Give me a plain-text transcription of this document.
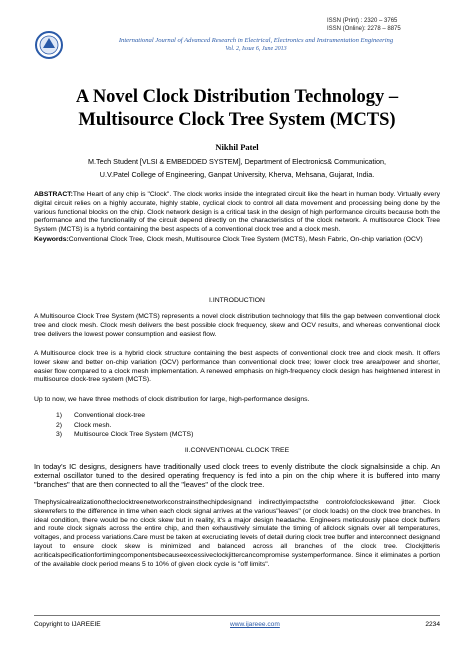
ISSN (Print) : 2320 – 3765
ISSN (Online): 2278 – 8875
International Journal of Advanced Research in Electrical, Electronics and Instrumentation Engineering
Vol. 2, Issue 6, June 2013
A Novel Clock Distribution Technology –
Multisource Clock Tree System (MCTS)
Nikhil Patel
M.Tech Student [VLSI & EMBEDDED SYSTEM], Department of Electronics& Communication,
U.V.Patel College of Engineering, Ganpat University, Kherva, Mehsana, Gujarat, India.
ABSTRACT:The Heart of any chip is "Clock". The clock works inside the integrated circuit like the heart in human body. Virtually every digital circuit relies on a highly accurate, highly stable, cyclical clock to control all data movement and processing being done by the various functional blocks on the chip. Clock network design is a critical task in the design of high performance circuits because both the performance and the functionality of the circuit depend directly on the characteristics of the clock network. A multisource Clock Tree System (MCTS) is a hybrid containing the best aspects of a conventional clock tree and a clock mesh.
Keywords:Conventional Clock Tree, Clock mesh, Multisource Clock Tree System (MCTS), Mesh Fabric, On-chip variation (OCV)
I.INTRODUCTION
A Multisource Clock Tree System (MCTS) represents a novel clock distribution technology that fills the gap between conventional clock tree and clock mesh. Clock mesh delivers the best possible clock frequency, skew and OCV results, and whereas conventional clock tree delivers the lowest power consumption and easiest flow.
A Multisource clock tree is a hybrid clock structure containing the best aspects of conventional clock tree and clock mesh. It offers lower skew and better on-chip variation (OCV) performance than conventional clock tree; lower clock tree area/power and shorter, easier flow compared to a clock mesh implementation. A renewed emphasis on high-frequency clock design has heightened interest in multisource clock-tree system (MCTS).
Up to now, we have three methods of clock distribution for large, high-performance designs.
1)	Conventional clock-tree
2)	Clock mesh.
3)	Multisource Clock Tree System (MCTS)
II.CONVENTIONAL CLOCK TREE
In today's IC designs, designers have traditionally used clock trees to evenly distribute the clock signalsinside a chip. An external oscillator tuned to the desired operating frequency is fed into a pin on the chip where it is buffered into many "branches" that are then connected to all the "leaves" of the clock tree.
Thephysicalrealizationoftheclocktreenetworkconstrainsthechipdesignand indirectlyimpactsthe controlofclockskewand jitter. Clock skewrefers to the difference in time when each clock signal arrives at the various"leaves" (or clock loads) on the clock tree branches. In ideal condition, there would be no clock skew but in reality, it's a major design headache. Engineers meticulously place clock buffers and route clock signals across the entire chip, and then exhaustively simulate the timing of allclock signals over all temperatures, voltages, and process variations.Care must be taken at excruciating levels of detail during clock tree buffer and interconnect designand layout to ensure clock skew is minimized and balanced across all branches of the clock tree. Clockjitteris acriticalspecificationfortimingcomponentsbecauseexcessiveclockjittercancompromise systemperformance. Since it eliminates a portion of the available clock period means 5 to 10% of given clock cycle is "off limits".
Copyright to IJAREEIE	www.ijareee.com	2234
